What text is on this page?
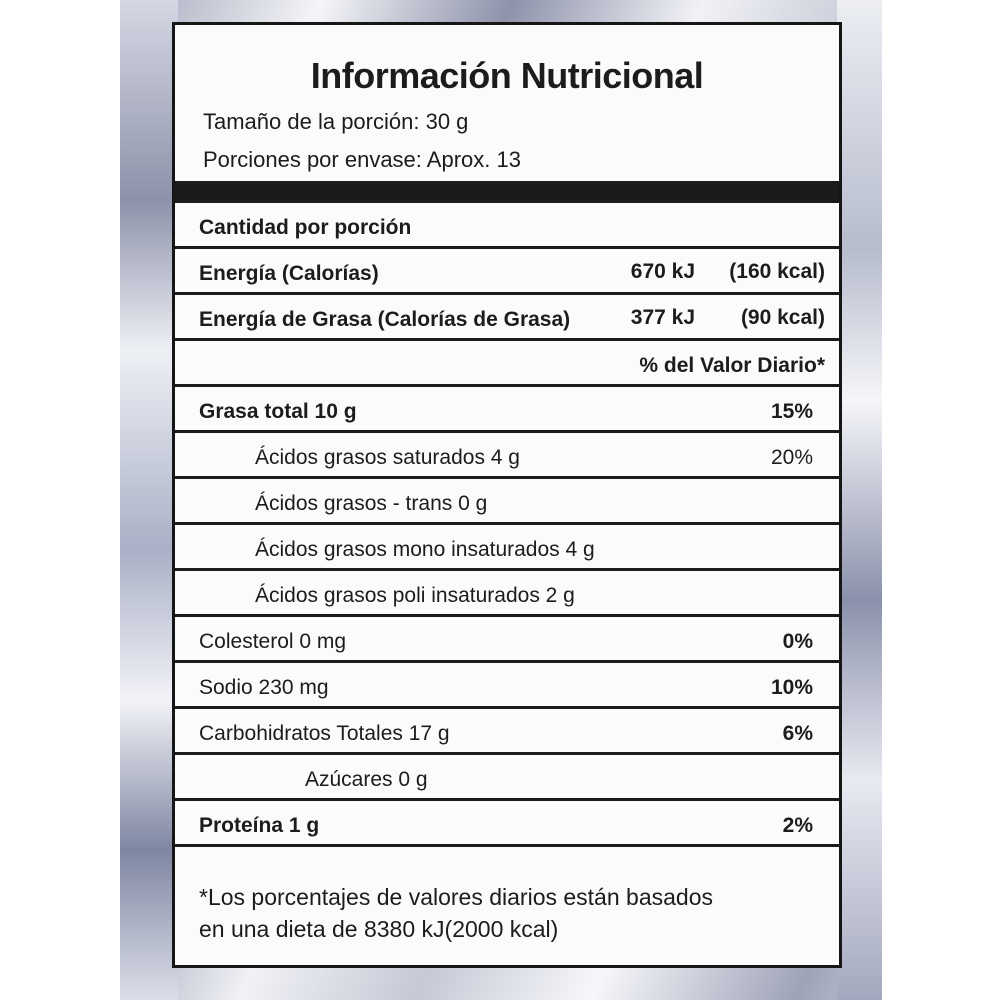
Información Nutricional
Tamaño de la porción: 30 g
Porciones por envase: Aprox. 13
Cantidad por porción
Energía (Calorías)	670 kJ (160 kcal)
Energía de Grasa (Calorías de Grasa)	377 kJ (90 kcal)
% del Valor Diario*
Grasa total 10 g	15%
Ácidos grasos saturados 4 g	20%
Ácidos grasos - trans 0 g
Ácidos grasos mono insaturados 4 g
Ácidos grasos poli insaturados 2 g
Colesterol 0 mg	0%
Sodio 230 mg	10%
Carbohidratos Totales 17 g	6%
Azúcares 0 g
Proteína 1 g	2%
*Los porcentajes de valores diarios están basados
en una dieta de 8380 kJ(2000 kcal)
